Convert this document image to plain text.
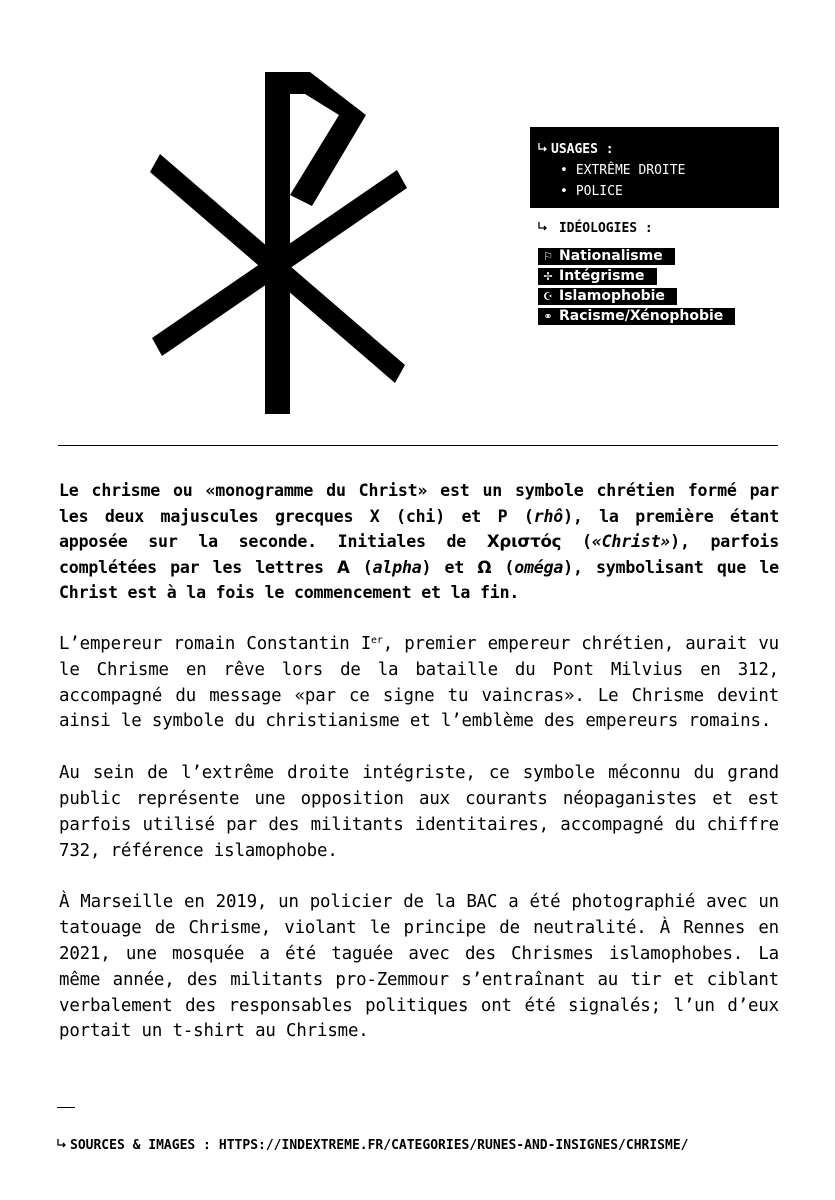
USAGES :
• EXTRÊME DROITE
• POLICE
IDÉOLOGIES :
⚐ Nationalisme
✢ Intégrisme
☪ Islamophobie
⚭ Racisme/Xénophobie

Le chrisme ou «monogramme du Christ» est un symbole chrétien formé par les deux majuscules grecques X (chi) et P (rhô), la première étant apposée sur la seconde. Initiales de Χριστός («Christ»), parfois complétées par les lettres Α (alpha) et Ω (oméga), symbolisant que le Christ est à la fois le commencement et la fin.

L’empereur romain Constantin Ier, premier empereur chrétien, aurait vu le Chrisme en rêve lors de la bataille du Pont Milvius en 312, accompagné du message «par ce signe tu vaincras». Le Chrisme devint ainsi le symbole du christianisme et l’emblème des empereurs romains.

Au sein de l’extrême droite intégriste, ce symbole méconnu du grand public représente une opposition aux courants néopaganistes et est parfois utilisé par des militants identitaires, accompagné du chiffre 732, référence islamophobe.

À Marseille en 2019, un policier de la BAC a été photographié avec un tatouage de Chrisme, violant le principe de neutralité. À Rennes en 2021, une mosquée a été taguée avec des Chrismes islamophobes. La même année, des militants pro-Zemmour s’entraînant au tir et ciblant verbalement des responsables politiques ont été signalés; l’un d’eux portait un t-shirt au Chrisme.

SOURCES & IMAGES : HTTPS://INDEXTREME.FR/CATEGORIES/RUNES-AND-INSIGNES/CHRISME/
